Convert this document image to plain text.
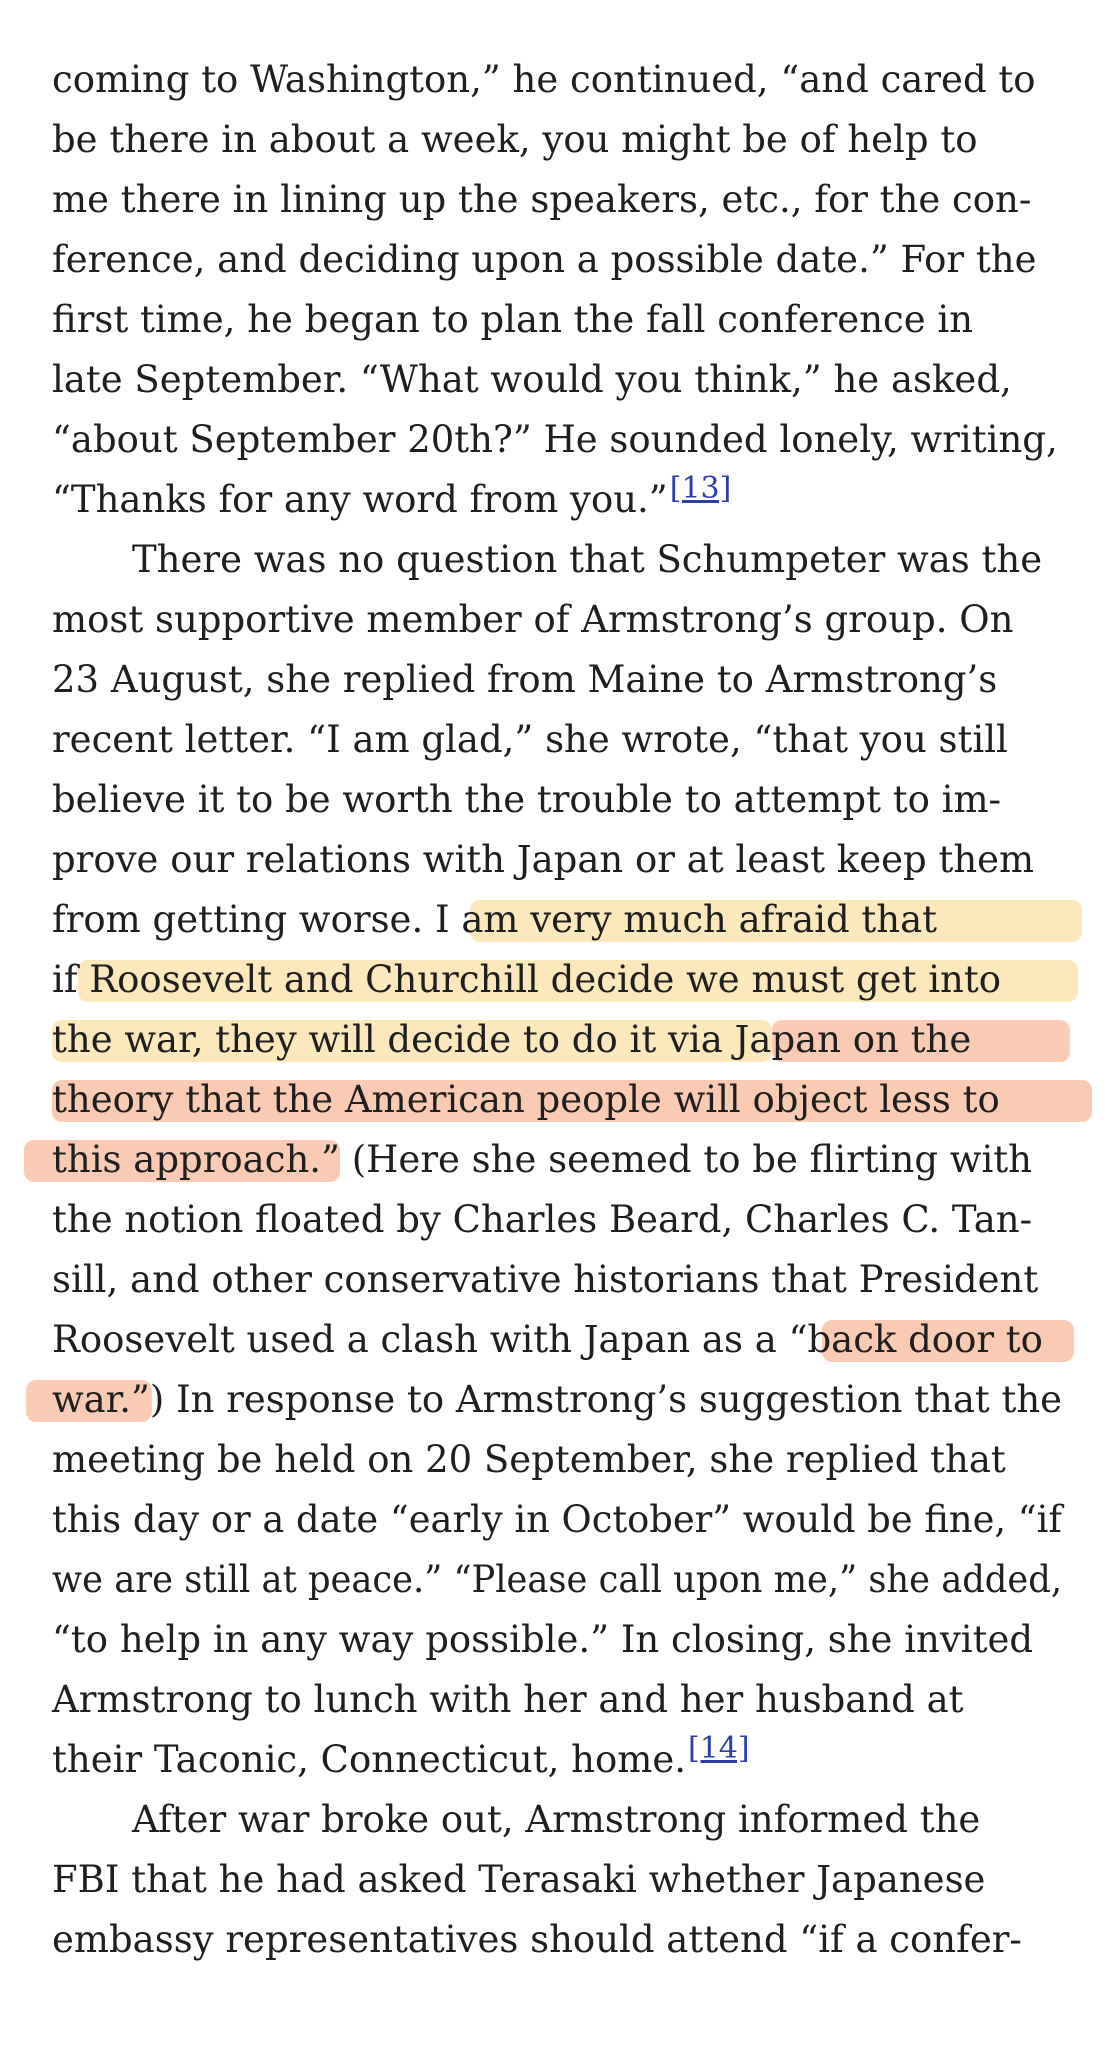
coming to Washington,” he continued, “and cared to
be there in about a week, you might be of help to
me there in lining up the speakers, etc., for the con-
ference, and deciding upon a possible date.” For the
first time, he began to plan the fall conference in
late September. “What would you think,” he asked,
“about September 20th?” He sounded lonely, writing,
“Thanks for any word from you.”[13]
There was no question that Schumpeter was the
most supportive member of Armstrong’s group. On
23 August, she replied from Maine to Armstrong’s
recent letter. “I am glad,” she wrote, “that you still
believe it to be worth the trouble to attempt to im-
prove our relations with Japan or at least keep them
from getting worse. I am very much afraid that
if Roosevelt and Churchill decide we must get into
the war, they will decide to do it via Japan on the
theory that the American people will object less to
this approach.” (Here she seemed to be flirting with
the notion floated by Charles Beard, Charles C. Tan-
sill, and other conservative historians that President
Roosevelt used a clash with Japan as a “back door to
war.”) In response to Armstrong’s suggestion that the
meeting be held on 20 September, she replied that
this day or a date “early in October” would be fine, “if
we are still at peace.” “Please call upon me,” she added,
“to help in any way possible.” In closing, she invited
Armstrong to lunch with her and her husband at
their Taconic, Connecticut, home.[14]
After war broke out, Armstrong informed the
FBI that he had asked Terasaki whether Japanese
embassy representatives should attend “if a confer-
